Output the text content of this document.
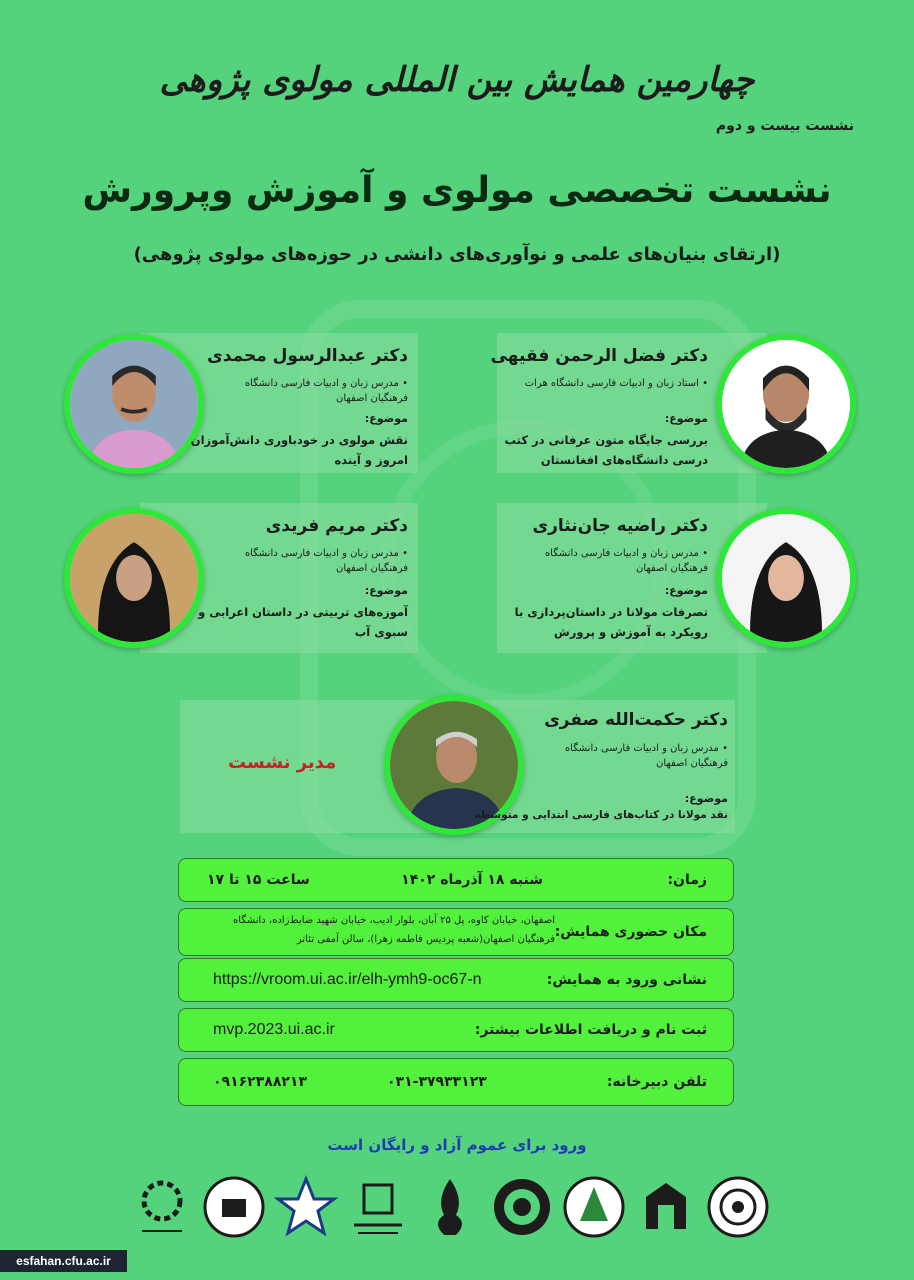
چهارمین همایش بین المللی مولوی پژوهی
نشست بیست و دوم
نشست تخصصی مولوی و آموزش وپرورش
(ارتقای بنیان‌های علمی و نوآوری‌های دانشی در حوزه‌های مولوی پژوهی)
دکتر فضل الرحمن فقیهی
• استاد زبان و ادبیات فارسی دانشگاه هرات
موضوع:
بررسی جایگاه متون عرفانی در کتب
درسی دانشگاه‌های افغانستان
دکتر عبدالرسول محمدی
• مدرس زبان و ادبیات فارسی دانشگاه
فرهنگیان اصفهان
موضوع:
نقش مولوی در خودباوری دانش‌آموزان
امروز و آینده
دکتر راضیه جان‌نثاری
• مدرس زبان و ادبیات فارسی دانشگاه
فرهنگیان اصفهان
موضوع:
تصرفات مولانا در داستان‌پردازی با
رویکرد به آموزش و پرورش
دکتر مریم فریدی
• مدرس زبان و ادبیات فارسی دانشگاه
فرهنگیان اصفهان
موضوع:
آموزه‌های تربیتی در داستان اعرابی و
سبوی آب
دکتر حکمت‌الله صفری
• مدرس زبان و ادبیات فارسی دانشگاه
فرهنگیان اصفهان
موضوع:
نقد مولانا در کتاب‌های فارسی ابتدایی و متوسطه
مدیر نشست
زمان:
شنبه ۱۸ آذرماه ۱۴۰۲
ساعت ۱۵ تا ۱۷
مکان حضوری همایش:
اصفهان، خیابان کاوه، پل ۲۵ آبان، بلوار ادیب، خیابان شهید ضابط‌زاده، دانشگاه
فرهنگیان اصفهان(شعبه پردیس فاطمه زهرا)، سالن آمفی تئاتر
نشانی ورود به همایش:
https://vroom.ui.ac.ir/elh-ymh9-oc67-n
ثبت نام و دریافت اطلاعات بیشتر:
mvp.2023.ui.ac.ir
تلفن دبیرخانه:
۰۳۱-۳۷۹۳۳۱۲۳
۰۹۱۶۲۳۸۸۲۱۳
ورود برای عموم آزاد و رایگان است
esfahan.cfu.ac.ir
